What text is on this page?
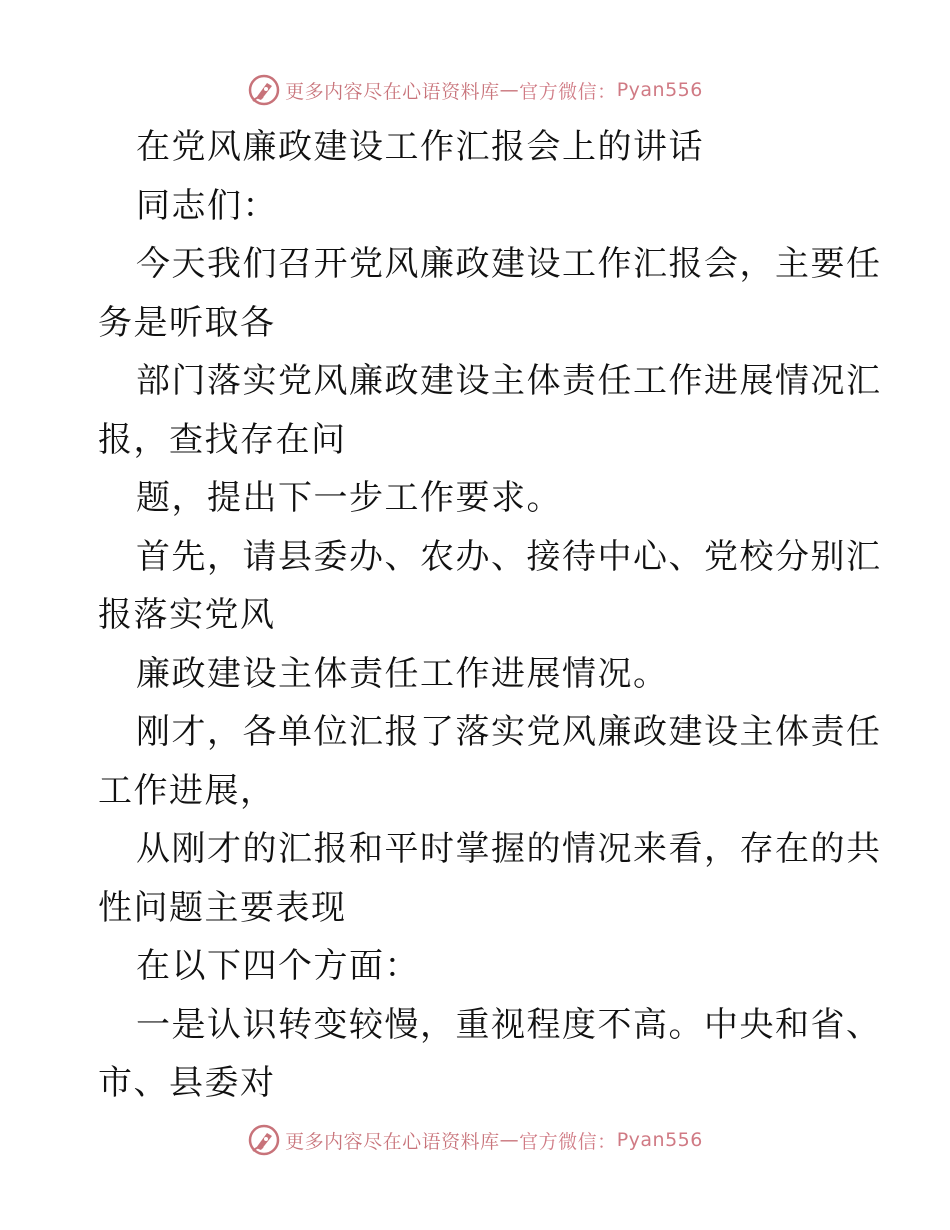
更多内容尽在心语资料库 — 官方微信： Pyan556
在党风廉政建设工作汇报会上的讲话
同志们：
今天我们召开党风廉政建设工作汇报会，主要任
务是听取各
部门落实党风廉政建设主体责任工作进展情况汇
报，查找存在问
题，提出下一步工作要求。
首先，请县委办、农办、接待中心、党校分别汇
报落实党风
廉政建设主体责任工作进展情况。
刚才，各单位汇报了落实党风廉政建设主体责任
工作进展，
从刚才的汇报和平时掌握的情况来看，存在的共
性问题主要表现
在以下四个方面：
一是认识转变较慢，重视程度不高。中央和省、
市、县委对
更多内容尽在心语资料库 — 官方微信： Pyan556
